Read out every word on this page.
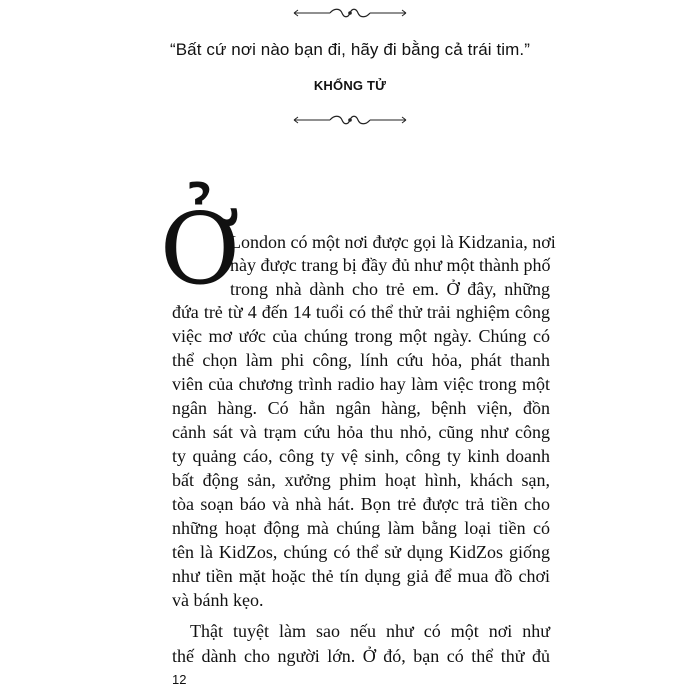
“Bất cứ nơi nào bạn đi, hãy đi bằng cả trái tim.”
KHỔNG TỬ
Ở
London có một nơi được gọi là Kidzania, nơi
này được trang bị đầy đủ như một thành phố
trong nhà dành cho trẻ em. Ở đây, những
đứa trẻ từ 4 đến 14 tuổi có thể thử trải nghiệm công
việc mơ ước của chúng trong một ngày. Chúng có
thể chọn làm phi công, lính cứu hỏa, phát thanh
viên của chương trình radio hay làm việc trong một
ngân hàng. Có hẳn ngân hàng, bệnh viện, đồn
cảnh sát và trạm cứu hỏa thu nhỏ, cũng như công
ty quảng cáo, công ty vệ sinh, công ty kinh doanh
bất động sản, xưởng phim hoạt hình, khách sạn,
tòa soạn báo và nhà hát. Bọn trẻ được trả tiền cho
những hoạt động mà chúng làm bằng loại tiền có
tên là KidZos, chúng có thể sử dụng KidZos giống
như tiền mặt hoặc thẻ tín dụng giả để mua đồ chơi
và bánh kẹo.
Thật tuyệt làm sao nếu như có một nơi như
thế dành cho người lớn. Ở đó, bạn có thể thử đủ
12
